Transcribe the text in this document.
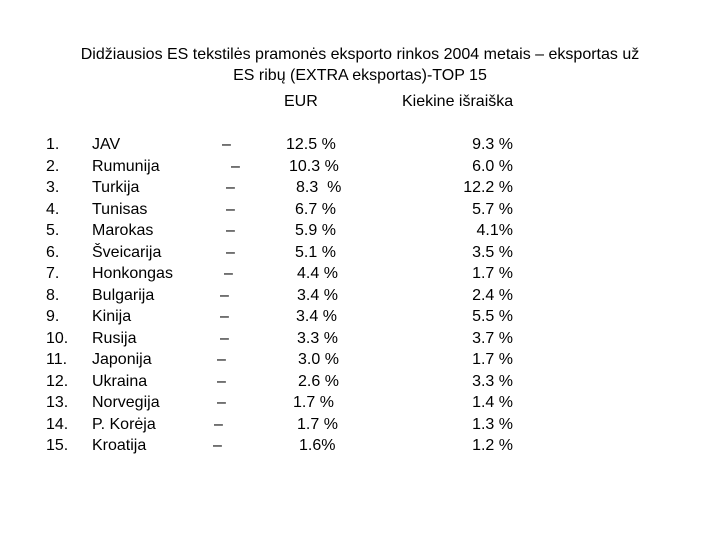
Didžiausios ES tekstilės pramonės eksporto rinkos 2004 metais – eksportas už
ES ribų (EXTRA eksportas)-TOP 15
EUR	Kiekine išraiška
1. JAV	–	12.5 %	9.3 %
2. Rumunija	–	10.3 %	6.0 %
3. Turkija	–	8.3  %	12.2 %
4. Tunisas	–	6.7 %	5.7 %
5. Marokas	–	5.9 %	4.1%
6. Šveicarija	–	5.1 %	3.5 %
7. Honkongas	–	4.4 %	1.7 %
8. Bulgarija	–	3.4 %	2.4 %
9. Kinija	–	3.4 %	5.5 %
10. Rusija	–	3.3 %	3.7 %
11. Japonija	–	3.0 %	1.7 %
12. Ukraina	–	2.6 %	3.3 %
13. Norvegija	–	1.7 %	1.4 %
14. P. Korėja	–	1.7 %	1.3 %
15. Kroatija	–	1.6%	1.2 %
